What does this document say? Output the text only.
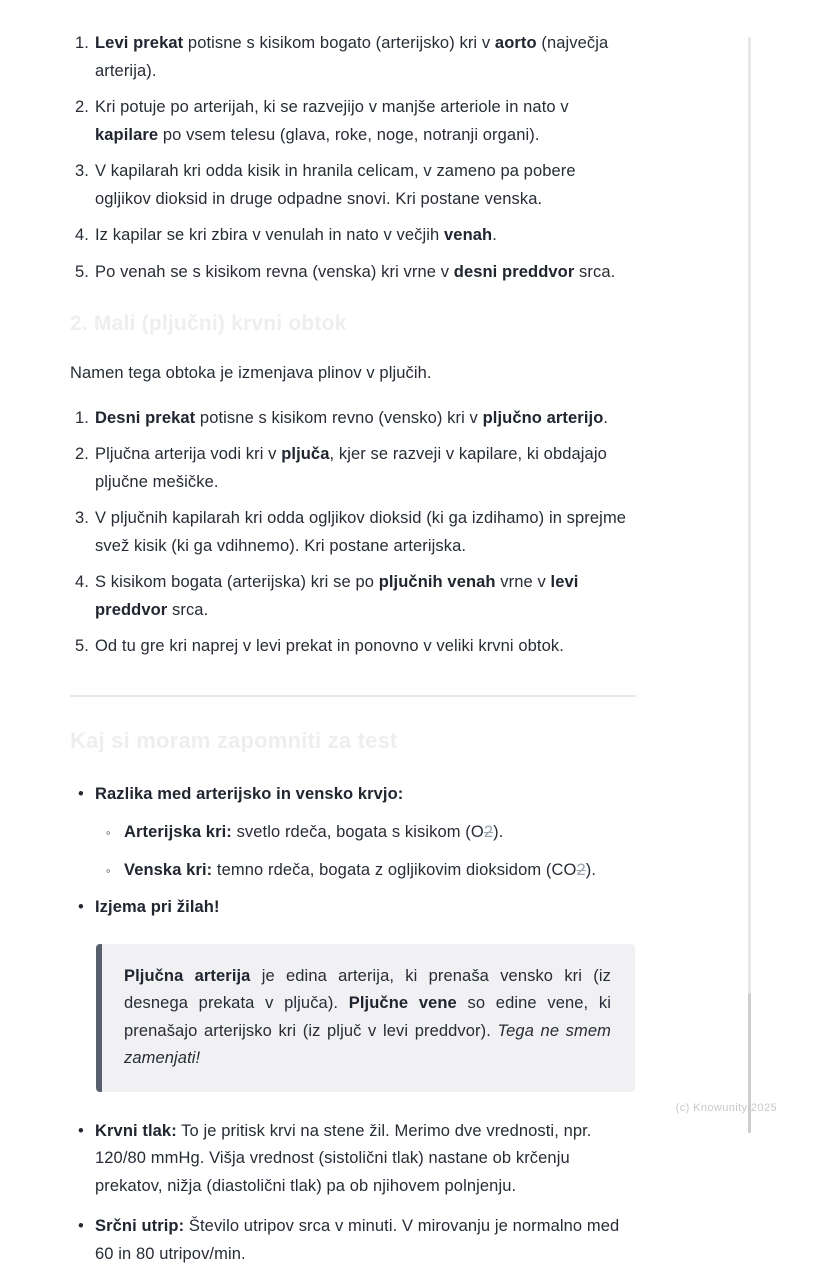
1. Levi prekat potisne s kisikom bogato (arterijsko) kri v aorto (največja arterija).
2. Kri potuje po arterijah, ki se razvejijo v manjše arteriole in nato v kapilare po vsem telesu (glava, roke, noge, notranji organi).
3. V kapilarah kri odda kisik in hranila celicam, v zameno pa pobere ogljikov dioksid in druge odpadne snovi. Kri postane venska.
4. Iz kapilar se kri zbira v venulah in nato v večjih venah.
5. Po venah se s kisikom revna (venska) kri vrne v desni preddvor srca.
2. Mali (pljučni) krvni obtok

Namen tega obtoka je izmenjava plinov v pljučih.

1. Desni prekat potisne s kisikom revno (vensko) kri v pljučno arterijo.
2. Pljučna arterija vodi kri v pljuča, kjer se razveji v kapilare, ki obdajajo pljučne mešičke.
3. V pljučnih kapilarah kri odda ogljikov dioksid (ki ga izdihamo) in sprejme svež kisik (ki ga vdihnemo). Kri postane arterijska.
4. S kisikom bogata (arterijska) kri se po pljučnih venah vrne v levi preddvor srca.
5. Od tu gre kri naprej v levi prekat in ponovno v veliki krvni obtok.
Kaj si moram zapomniti za test
• Razlika med arterijsko in vensko krvjo:
◦ Arterijska kri: svetlo rdeča, bogata s kisikom (O2).
◦ Venska kri: temno rdeča, bogata z ogljikovim dioksidom (CO2).
• Izjema pri žilah!
Pljučna arterija je edina arterija, ki prenaša vensko kri (iz desnega prekata v pljuča). Pljučne vene so edine vene, ki prenašajo arterijsko kri (iz pljuč v levi preddvor). Tega ne smem zamenjati!
• Krvni tlak: To je pritisk krvi na stene žil. Merimo dve vrednosti, npr. 120/80 mmHg. Višja vrednost (sistolični tlak) nastane ob krčenju prekatov, nižja (diastolični tlak) pa ob njihovem polnjenju.
• Srčni utrip: Število utripov srca v minuti. V mirovanju je normalno med 60 in 80 utripov/min.
(c) Knowunity 2025
